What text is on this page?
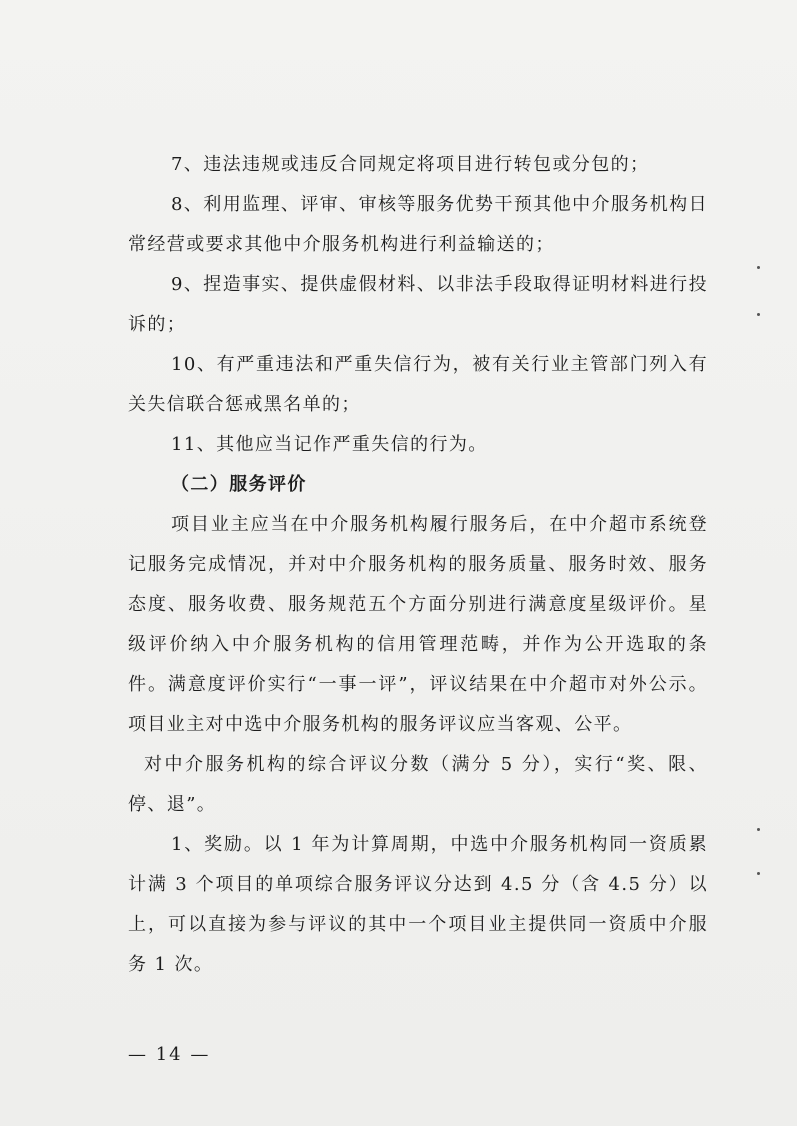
7、违法违规或违反合同规定将项目进行转包或分包的；

8、利用监理、评审、审核等服务优势干预其他中介服务机构日常经营或要求其他中介服务机构进行利益输送的；

9、捏造事实、提供虚假材料、以非法手段取得证明材料进行投诉的；

10、有严重违法和严重失信行为，被有关行业主管部门列入有关失信联合惩戒黑名单的；

11、其他应当记作严重失信的行为。

（二）服务评价

项目业主应当在中介服务机构履行服务后，在中介超市系统登记服务完成情况，并对中介服务机构的服务质量、服务时效、服务态度、服务收费、服务规范五个方面分别进行满意度星级评价。星级评价纳入中介服务机构的信用管理范畴，并作为公开选取的条件。满意度评价实行“一事一评”，评议结果在中介超市对外公示。项目业主对中选中介服务机构的服务评议应当客观、公平。

对中介服务机构的综合评议分数（满分 5 分），实行“奖、限、停、退”。

1、奖励。以 1 年为计算周期，中选中介服务机构同一资质累计满 3 个项目的单项综合服务评议分达到 4.5 分（含 4.5 分）以上，可以直接为参与评议的其中一个项目业主提供同一资质中介服务 1 次。

— 14 —
